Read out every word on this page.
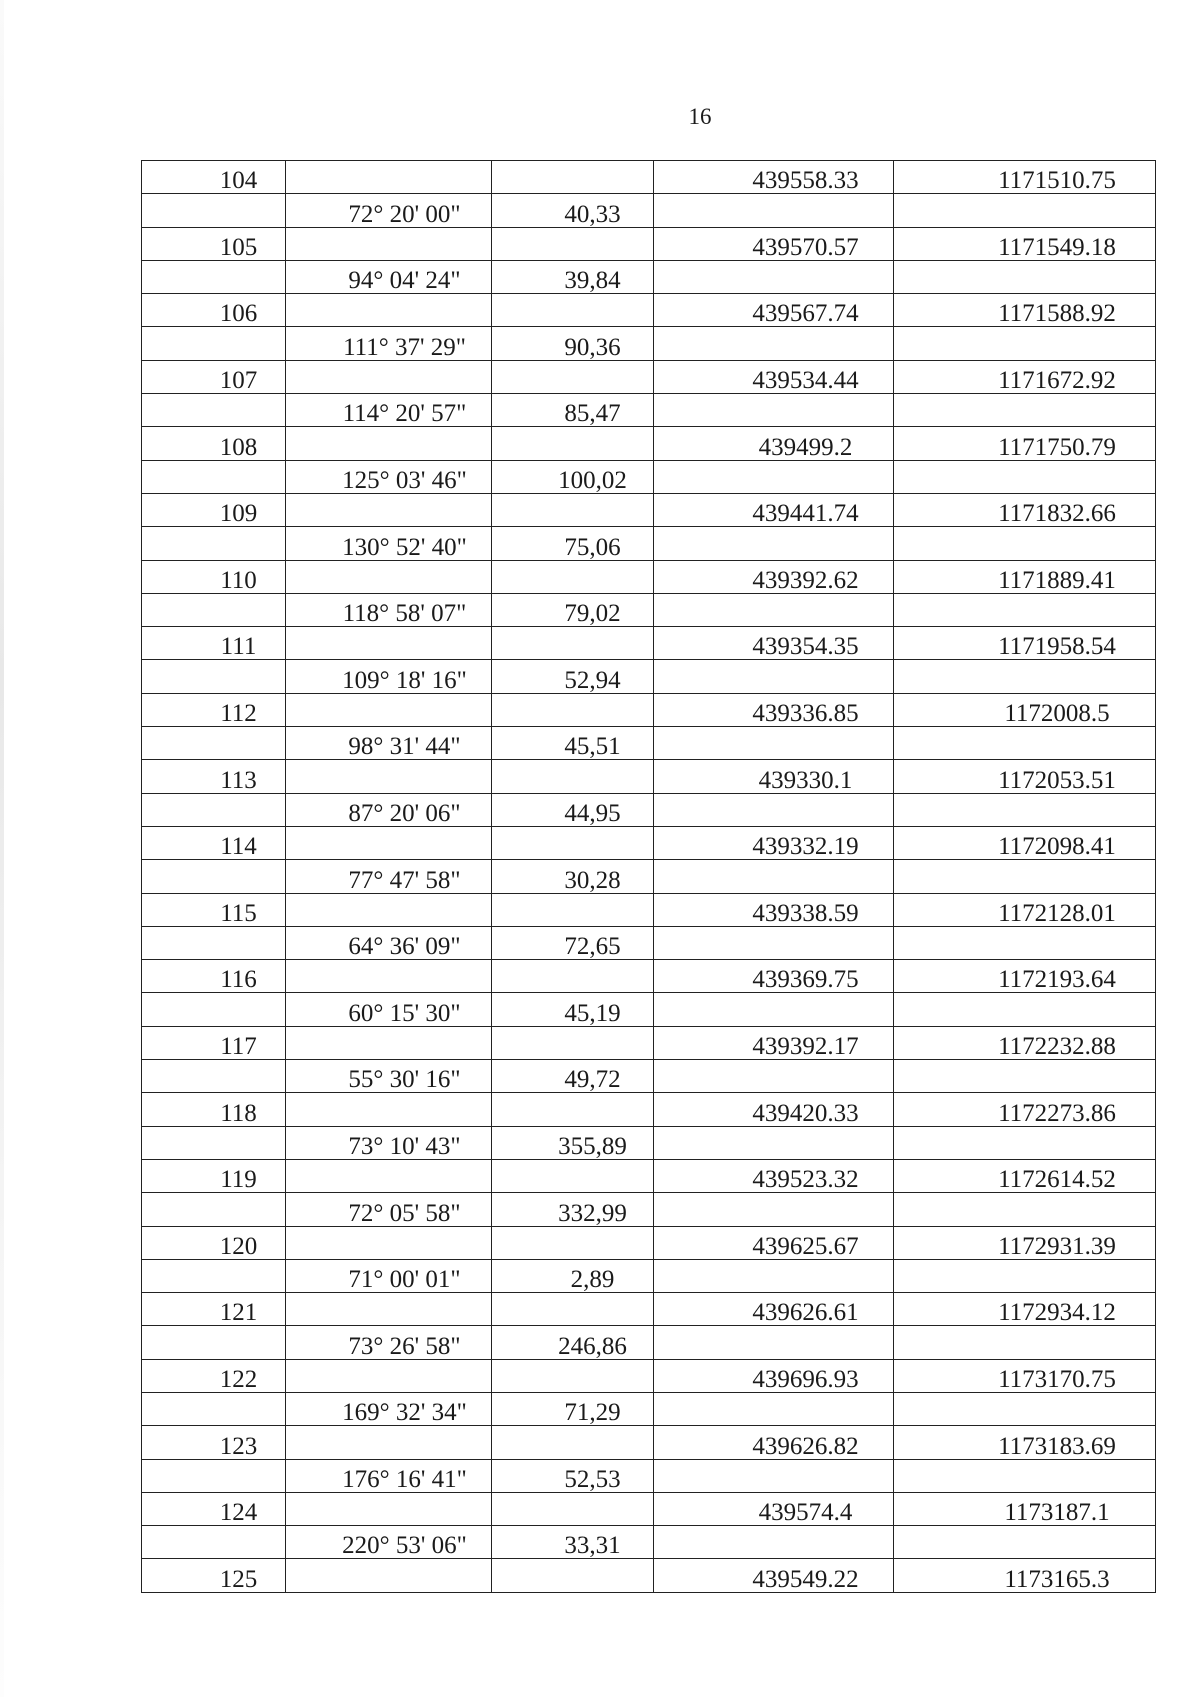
16
104			439558.33	1171510.75
	72° 20' 00"	40,33		
105			439570.57	1171549.18
	94° 04' 24"	39,84		
106			439567.74	1171588.92
	111° 37' 29"	90,36		
107			439534.44	1171672.92
	114° 20' 57"	85,47		
108			439499.2	1171750.79
	125° 03' 46"	100,02		
109			439441.74	1171832.66
	130° 52' 40"	75,06		
110			439392.62	1171889.41
	118° 58' 07"	79,02		
111			439354.35	1171958.54
	109° 18' 16"	52,94		
112			439336.85	1172008.5
	98° 31' 44"	45,51		
113			439330.1	1172053.51
	87° 20' 06"	44,95		
114			439332.19	1172098.41
	77° 47' 58"	30,28		
115			439338.59	1172128.01
	64° 36' 09"	72,65		
116			439369.75	1172193.64
	60° 15' 30"	45,19		
117			439392.17	1172232.88
	55° 30' 16"	49,72		
118			439420.33	1172273.86
	73° 10' 43"	355,89		
119			439523.32	1172614.52
	72° 05' 58"	332,99		
120			439625.67	1172931.39
	71° 00' 01"	2,89		
121			439626.61	1172934.12
	73° 26' 58"	246,86		
122			439696.93	1173170.75
	169° 32' 34"	71,29		
123			439626.82	1173183.69
	176° 16' 41"	52,53		
124			439574.4	1173187.1
	220° 53' 06"	33,31		
125			439549.22	1173165.3
